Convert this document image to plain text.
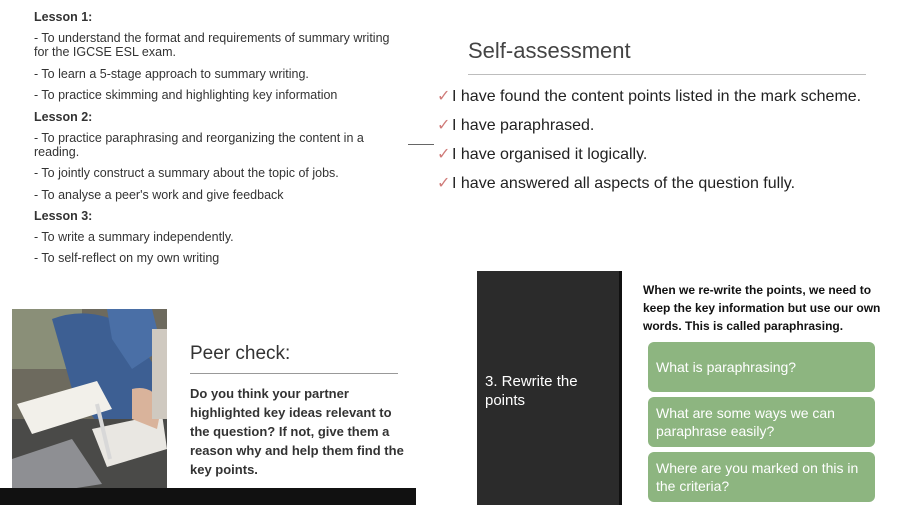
Lesson 1:
- To understand the format and requirements of summary writing for the IGCSE ESL exam.
- To learn a 5-stage approach to summary writing.
- To practice skimming and highlighting key information
Lesson 2:
- To practice paraphrasing and reorganizing the content in a reading.
- To jointly construct a summary about the topic of jobs.
- To analyse a peer's work and give feedback
Lesson 3:
- To write a summary independently.
- To self-reflect on my own writing
Self-assessment
✓I have found the content points listed in the mark scheme.
✓I have paraphrased.
✓I have organised it logically.
✓I have answered all aspects of the question fully.
Peer check:
Do you think your partner highlighted key ideas relevant to the question? If not, give them a reason why and help them find the key points.
3. Rewrite the points
When we re-write the points, we need to keep the key information but use our own words. This is called paraphrasing.
What is paraphrasing?
What are some ways we can paraphrase easily?
Where are you marked on this in the criteria?
